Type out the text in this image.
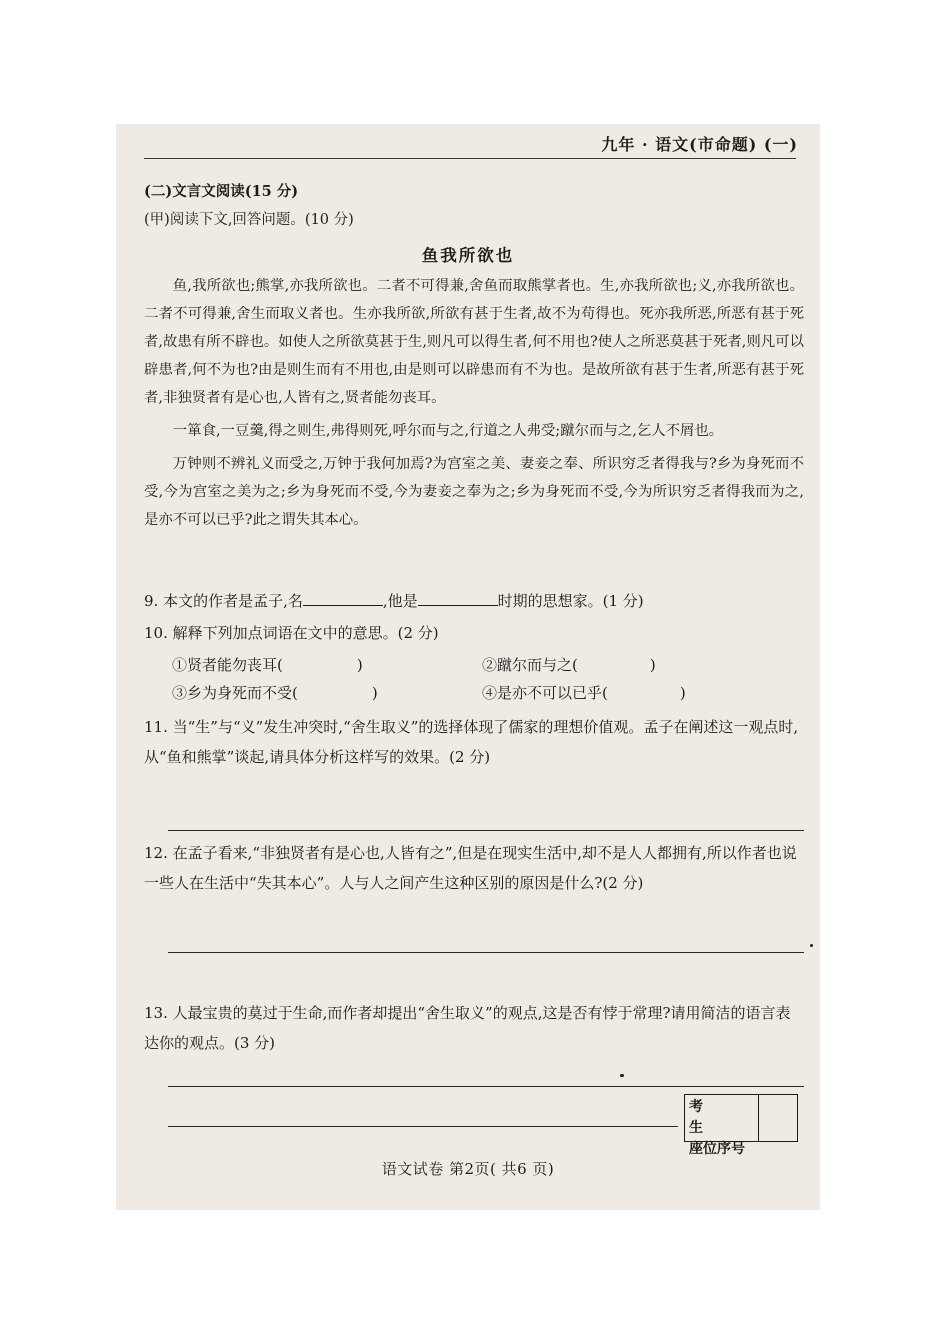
九年 · 语文(市命题) (一)
(二)文言文阅读(15 分)
(甲)阅读下文,回答问题。(10 分)
鱼我所欲也

鱼,我所欲也;熊掌,亦我所欲也。二者不可得兼,舍鱼而取熊掌者也。生,亦我所欲也;义,亦我所欲也。二者不可得兼,舍生而取义者也。生亦我所欲,所欲有甚于生者,故不为苟得也。死亦我所恶,所恶有甚于死者,故患有所不辟也。如使人之所欲莫甚于生,则凡可以得生者,何不用也?使人之所恶莫甚于死者,则凡可以辟患者,何不为也?由是则生而有不用也,由是则可以辟患而有不为也。是故所欲有甚于生者,所恶有甚于死者,非独贤者有是心也,人皆有之,贤者能勿丧耳。

一箪食,一豆羹,得之则生,弗得则死,呼尔而与之,行道之人弗受;蹴尔而与之,乞人不屑也。

万钟则不辨礼义而受之,万钟于我何加焉?为宫室之美、妻妾之奉、所识穷乏者得我与?乡为身死而不受,今为宫室之美为之;乡为身死而不受,今为妻妾之奉为之;乡为身死而不受,今为所识穷乏者得我而为之,是亦不可以已乎?此之谓失其本心。

9. 本文的作者是孟子,名	,他是	时期的思想家。(1 分)
10. 解释下列加点词语在文中的意思。(2 分)
①贤者能勿丧耳(	)	②蹴尔而与之(	)
③乡为身死而不受(	)	④是亦不可以已乎(	)
11. 当“生”与“义”发生冲突时,“舍生取义”的选择体现了儒家的理想价值观。孟子在阐述这一观点时,从“鱼和熊掌”谈起,请具体分析这样写的效果。(2 分)
12. 在孟子看来,“非独贤者有是心也,人皆有之”,但是在现实生活中,却不是人人都拥有,所以作者也说一些人在生活中“失其本心”。人与人之间产生这种区别的原因是什么?(2 分)
13. 人最宝贵的莫过于生命,而作者却提出“舍生取义”的观点,这是否有悖于常理?请用简洁的语言表达你的观点。(3 分)
考生
座位序号
语文试卷 第2页( 共6 页)
